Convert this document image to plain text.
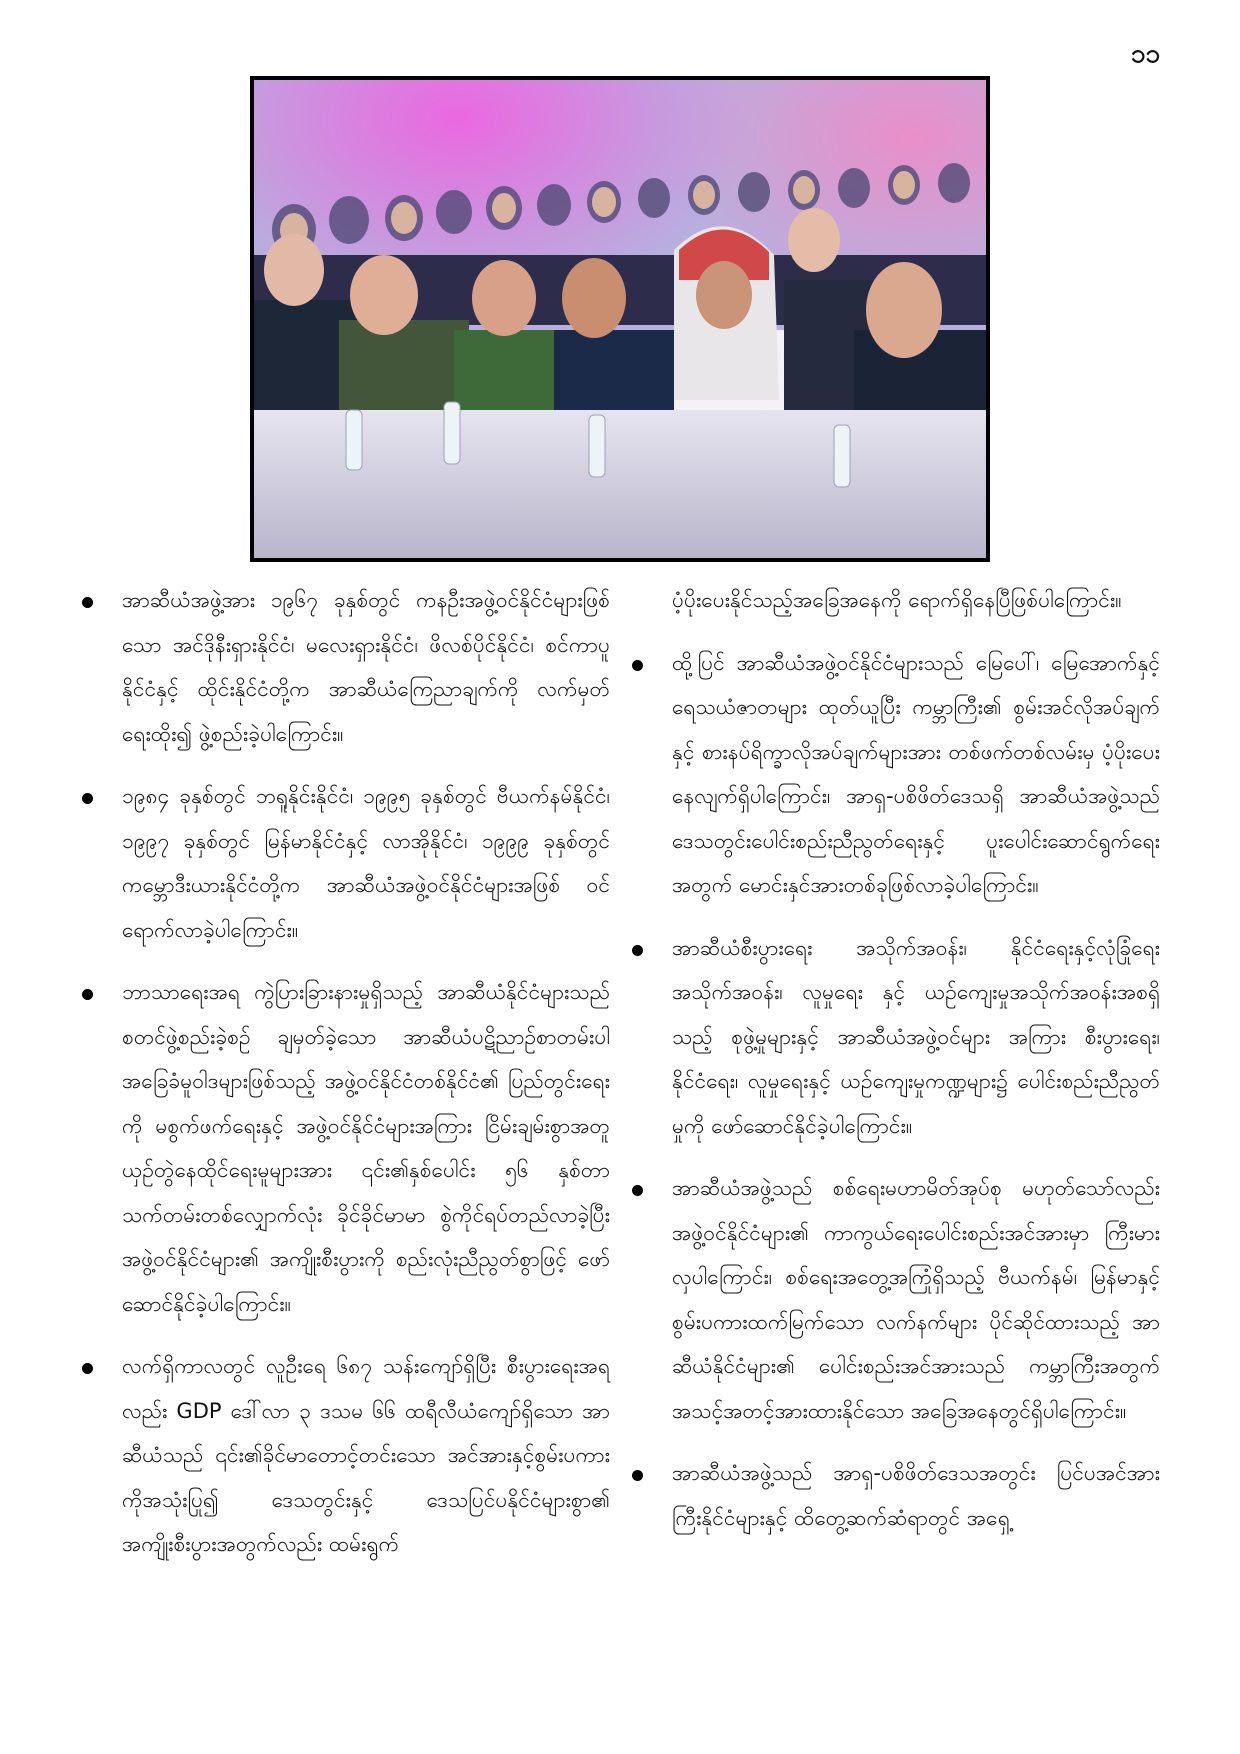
၁၁

အာဆီယံအဖွဲ့အား ၁၉၆၇ ခုနှစ်တွင် ကနဦးအဖွဲ့ဝင်နိုင်ငံများဖြစ်သော အင်ဒိုနီးရှားနိုင်ငံ၊ မလေးရှားနိုင်ငံ၊ ဖိလစ်ပိုင်နိုင်ငံ၊ စင်ကာပူနိုင်ငံနှင့် ထိုင်းနိုင်ငံတို့က အာဆီယံကြေညာချက်ကို လက်မှတ်ရေးထိုး၍ ဖွဲ့စည်းခဲ့ပါကြောင်း။

၁၉၈၄ ခုနှစ်တွင် ဘရူနိုင်းနိုင်ငံ၊ ၁၉၉၅ ခုနှစ်တွင် ဗီယက်နမ်နိုင်ငံ၊ ၁၉၉၇ ခုနှစ်တွင် မြန်မာနိုင်ငံနှင့် လာအိုနိုင်ငံ၊ ၁၉၉၉ ခုနှစ်တွင် ကမ္ဘောဒီးယားနိုင်ငံတို့က အာဆီယံအဖွဲ့ဝင်နိုင်ငံများအဖြစ် ဝင်ရောက်လာခဲ့ပါကြောင်း။

ဘာသာရေးအရ ကွဲပြားခြားနားမှုရှိသည့် အာဆီယံနိုင်ငံများသည် စတင်ဖွဲ့စည်းခဲ့စဉ် ချမှတ်ခဲ့သော အာဆီယံပဋိညာဉ်စာတမ်းပါ အခြေခံမူဝါဒများဖြစ်သည့် အဖွဲ့ဝင်နိုင်ငံတစ်နိုင်ငံ၏ ပြည်တွင်းရေးကို မစွက်ဖက်ရေးနှင့် အဖွဲ့ဝင်နိုင်ငံများအကြား ငြိမ်းချမ်းစွာအတူယှဉ်တွဲနေထိုင်ရေးမူများအား ၎င်း၏နှစ်ပေါင်း ၅၆ နှစ်တာသက်တမ်းတစ်လျှောက်လုံး ခိုင်ခိုင်မာမာ စွဲကိုင်ရပ်တည်လာခဲ့ပြီး အဖွဲ့ဝင်နိုင်ငံများ၏ အကျိုးစီးပွားကို စည်းလုံးညီညွတ်စွာဖြင့် ဖော်ဆောင်နိုင်ခဲ့ပါကြောင်း။

လက်ရှိကာလတွင် လူဦးရေ ၆၈၇ သန်းကျော်ရှိပြီး စီးပွားရေးအရလည်း GDP ဒေါ်လာ ၃ ဒသမ ၆၆ ထရီလီယံကျော်ရှိသော အာဆီယံသည် ၎င်း၏ခိုင်မာတောင့်တင်းသော အင်အားနှင့်စွမ်းပကားကိုအသုံးပြု၍ ဒေသတွင်းနှင့် ဒေသပြင်ပနိုင်ငံများစွာ၏ အကျိုးစီးပွားအတွက်လည်း ထမ်းရွက်

ပံ့ပိုးပေးနိုင်သည့်အခြေအနေကို ရောက်ရှိနေပြီဖြစ်ပါကြောင်း။

ထို့ပြင် အာဆီယံအဖွဲ့ဝင်နိုင်ငံများသည် မြေပေါ်၊ မြေအောက်နှင့် ရေသယံဇာတများ ထုတ်ယူပြီး ကမ္ဘာကြီး၏ စွမ်းအင်လိုအပ်ချက်နှင့် စားနပ်ရိက္ခာလိုအပ်ချက်များအား တစ်ဖက်တစ်လမ်းမှ ပံ့ပိုးပေးနေလျက်ရှိပါကြောင်း၊ အာရှ-ပစိဖိတ်ဒေသရှိ အာဆီယံအဖွဲ့သည် ဒေသတွင်းပေါင်းစည်းညီညွတ်ရေးနှင့် ပူးပေါင်းဆောင်ရွက်ရေးအတွက် မောင်းနှင်အားတစ်ခုဖြစ်လာခဲ့ပါကြောင်း။

အာဆီယံစီးပွားရေး အသိုက်အဝန်း၊ နိုင်ငံရေးနှင့်လုံခြုံရေးအသိုက်အဝန်း၊ လူမှုရေး နှင့် ယဉ်ကျေးမှုအသိုက်အဝန်းအစရှိသည့် စုဖွဲ့မှုများနှင့် အာဆီယံအဖွဲ့ဝင်များ အကြား စီးပွားရေး၊ နိုင်ငံရေး၊ လူမှုရေးနှင့် ယဉ်ကျေးမှုကဏ္ဍများ၌ ပေါင်းစည်းညီညွတ်မှုကို ဖော်ဆောင်နိုင်ခဲ့ပါကြောင်း။

အာဆီယံအဖွဲ့သည် စစ်ရေးမဟာမိတ်အုပ်စု မဟုတ်သော်လည်း အဖွဲ့ဝင်နိုင်ငံများ၏ ကာကွယ်ရေးပေါင်းစည်းအင်အားမှာ ကြီးမားလှပါကြောင်း၊ စစ်ရေးအတွေ့အကြုံရှိသည့် ဗီယက်နမ်၊ မြန်မာနှင့် စွမ်းပကားထက်မြက်သော လက်နက်များ ပိုင်ဆိုင်ထားသည့် အာဆီယံနိုင်ငံများ၏ ပေါင်းစည်းအင်အားသည် ကမ္ဘာကြီးအတွက် အသင့်အတင့်အားထားနိုင်သော အခြေအနေတွင်ရှိပါကြောင်း။

အာဆီယံအဖွဲ့သည် အာရှ-ပစိဖိတ်ဒေသအတွင်း ပြင်ပအင်အားကြီးနိုင်ငံများနှင့် ထိတွေ့ဆက်ဆံရာတွင် အရှေ့
